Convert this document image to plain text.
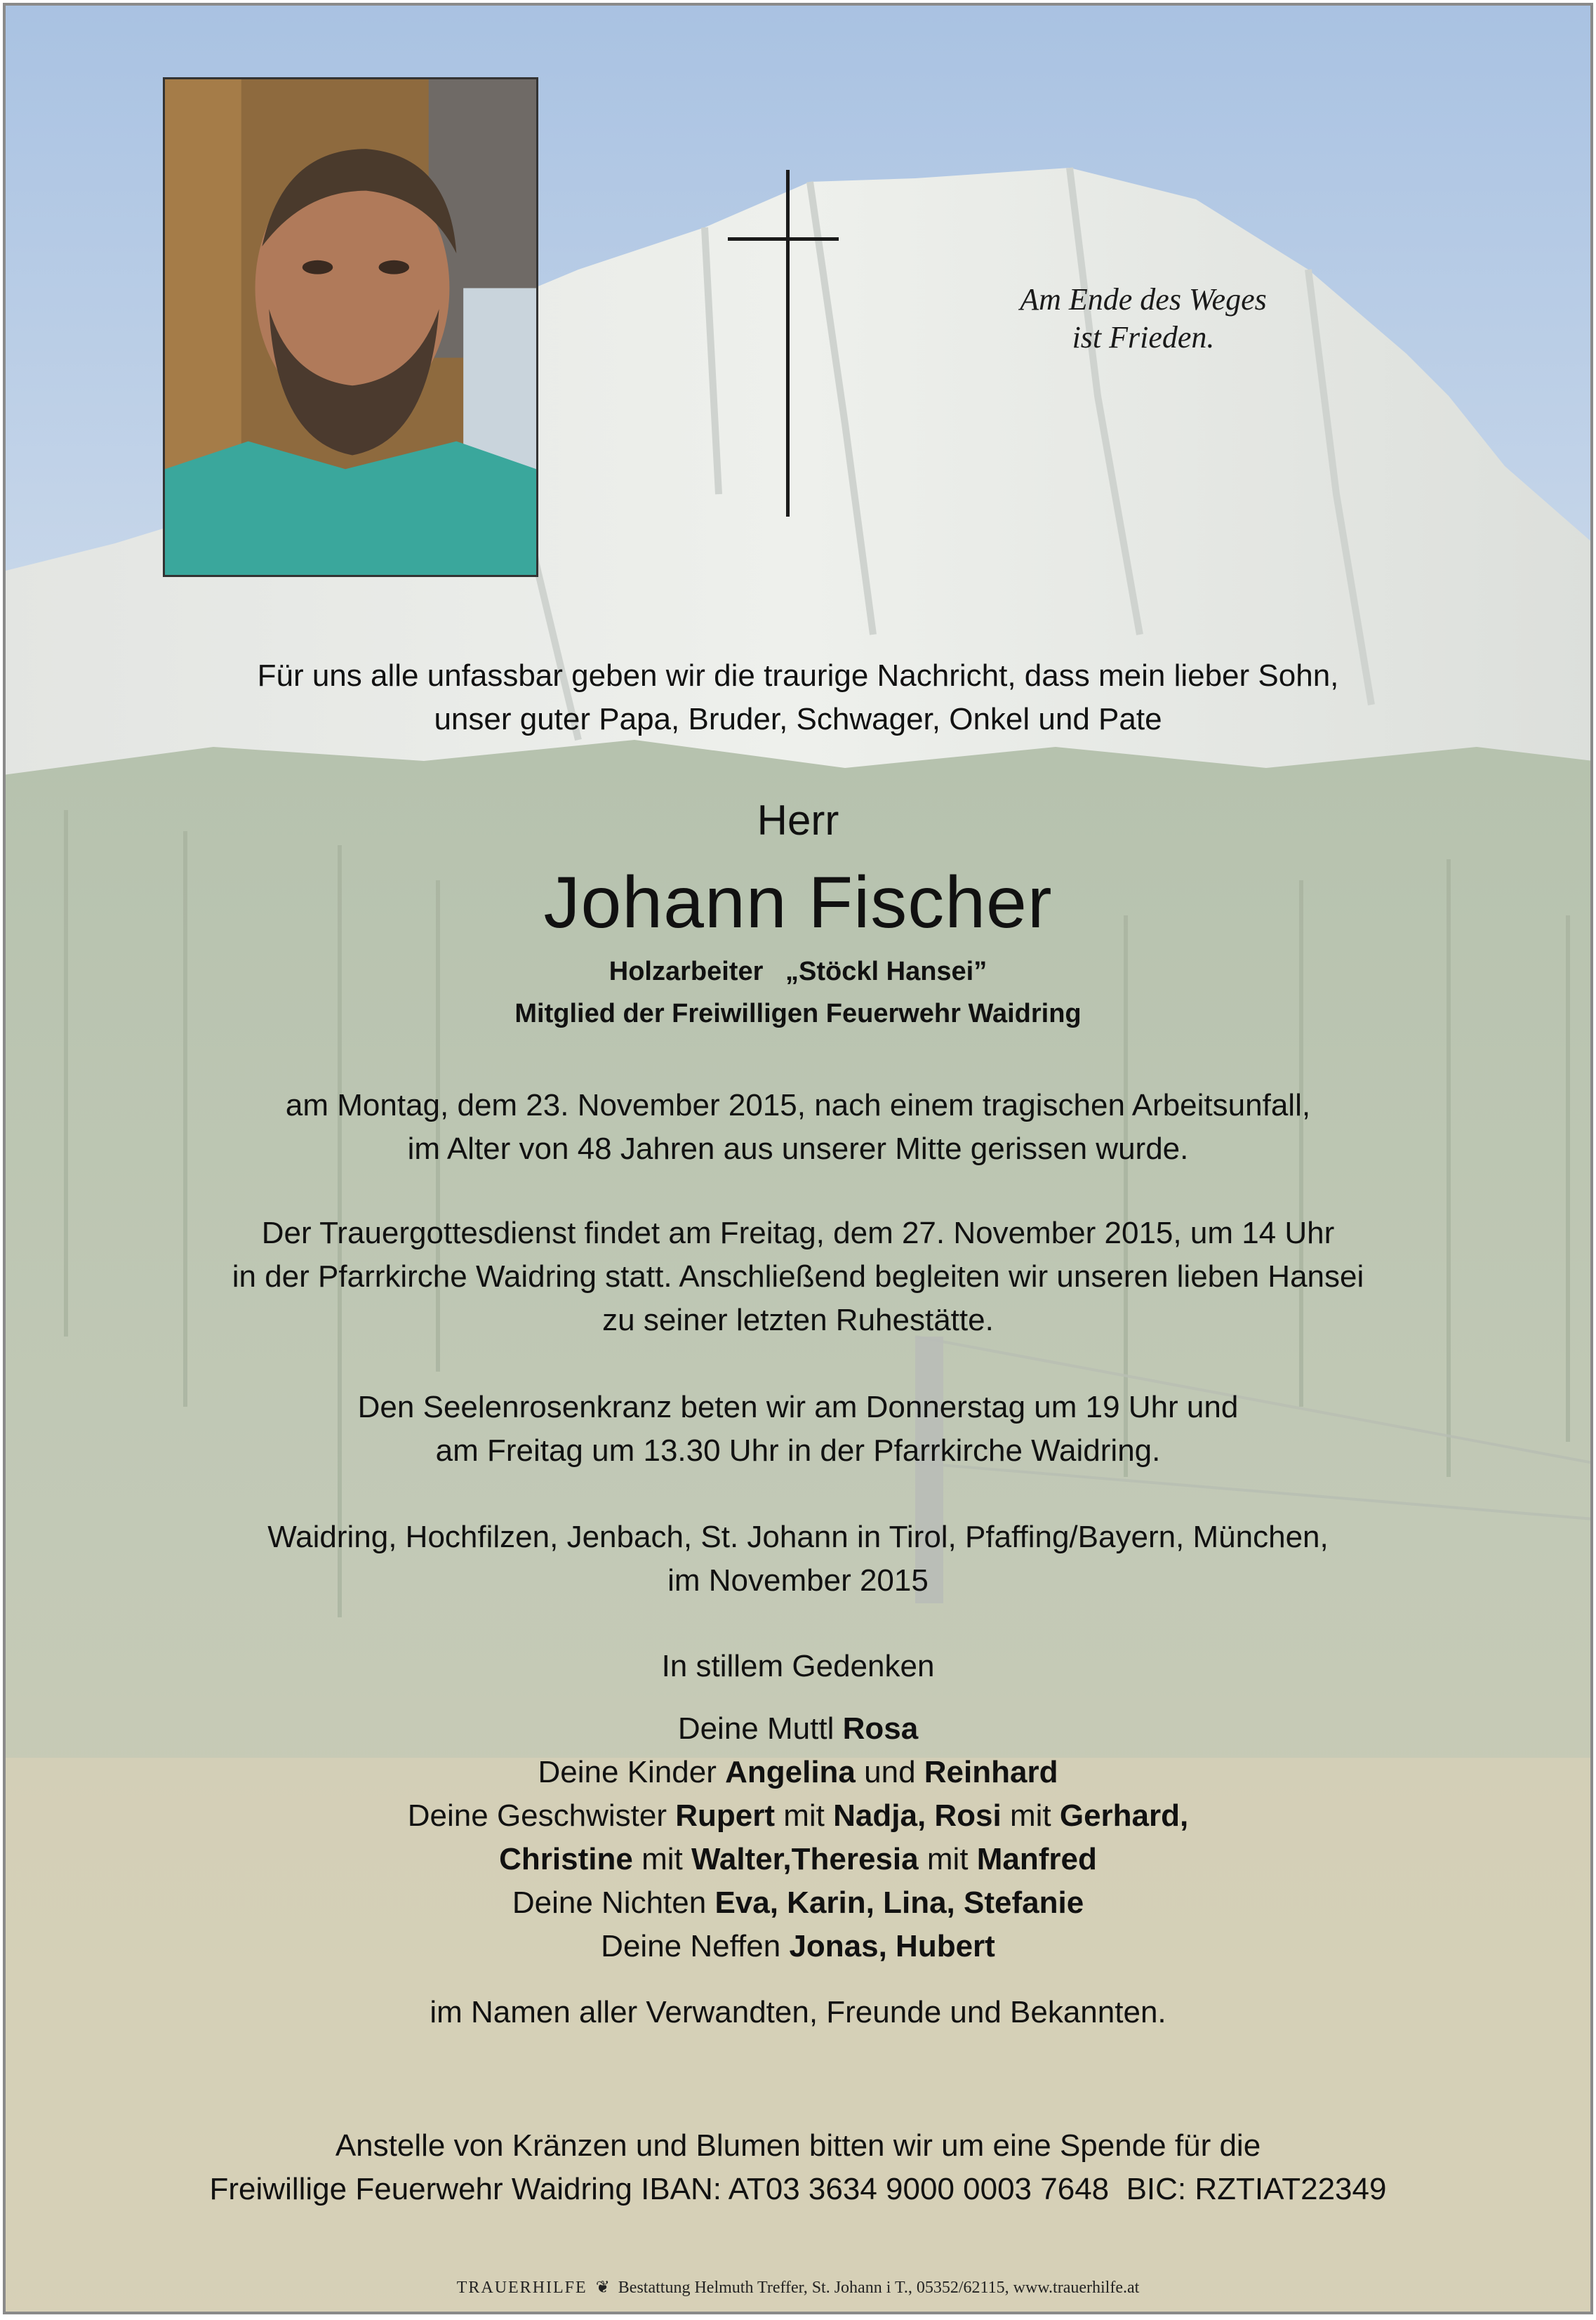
Am Ende des Weges
ist Frieden.
Für uns alle unfassbar geben wir die traurige Nachricht, dass mein lieber Sohn,
unser guter Papa, Bruder, Schwager, Onkel und Pate
Herr
Johann Fischer
Holzarbeiter   „Stöckl Hansei”
Mitglied der Freiwilligen Feuerwehr Waidring
am Montag, dem 23. November 2015, nach einem tragischen Arbeitsunfall,
im Alter von 48 Jahren aus unserer Mitte gerissen wurde.
Der Trauergottesdienst findet am Freitag, dem 27. November 2015, um 14 Uhr
in der Pfarrkirche Waidring statt. Anschließend begleiten wir unseren lieben Hansei
zu seiner letzten Ruhestätte.
Den Seelenrosenkranz beten wir am Donnerstag um 19 Uhr und
am Freitag um 13.30 Uhr in der Pfarrkirche Waidring.
Waidring, Hochfilzen, Jenbach, St. Johann in Tirol, Pfaffing/Bayern, München,
im November 2015
In stillem Gedenken
Deine Muttl Rosa
Deine Kinder Angelina und Reinhard
Deine Geschwister Rupert mit Nadja, Rosi mit Gerhard,
Christine mit Walter,Theresia mit Manfred
Deine Nichten Eva, Karin, Lina, Stefanie
Deine Neffen Jonas, Hubert
im Namen aller Verwandten, Freunde und Bekannten.
Anstelle von Kränzen und Blumen bitten wir um eine Spende für die
Freiwillige Feuerwehr Waidring IBAN: AT03 3634 9000 0003 7648  BIC: RZTIAT22349
TRAUERHILFE ❦ Bestattung Helmuth Treffer, St. Johann i T., 05352/62115, www.trauerhilfe.at
